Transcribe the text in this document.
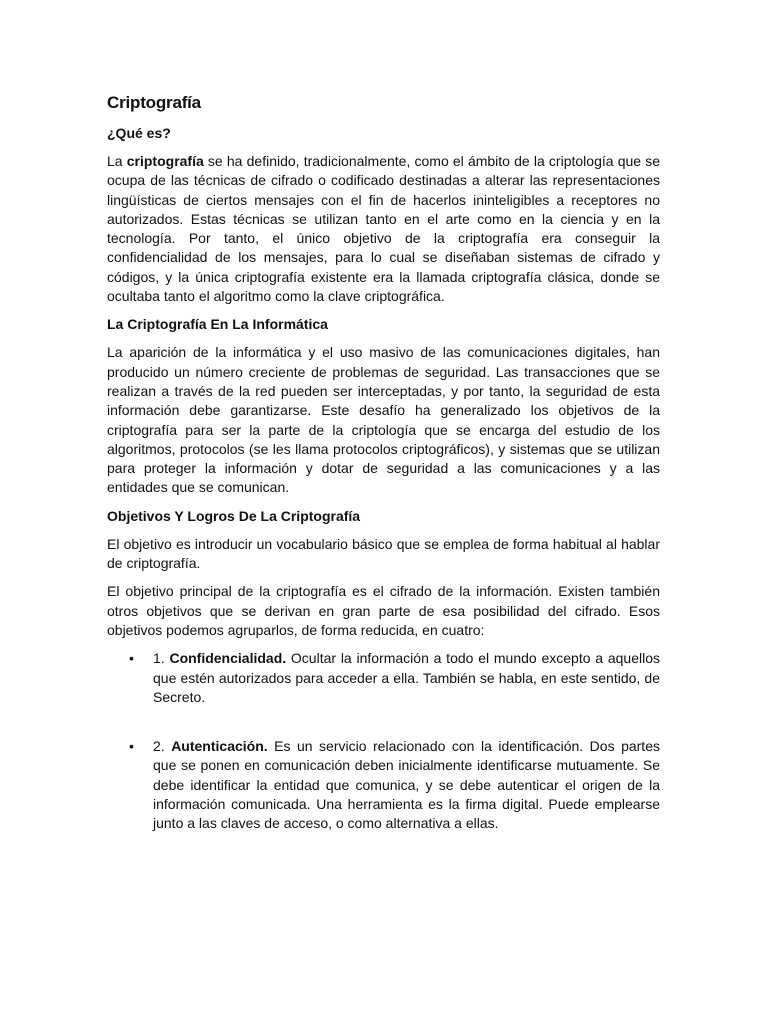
Criptografía
¿Qué es?

La criptografía se ha definido, tradicionalmente, como el ámbito de la criptología que se ocupa de las técnicas de cifrado o codificado destinadas a alterar las representaciones lingüísticas de ciertos mensajes con el fin de hacerlos ininteligibles a receptores no autorizados. Estas técnicas se utilizan tanto en el arte como en la ciencia y en la tecnología. Por tanto, el único objetivo de la criptografía era conseguir la confidencialidad de los mensajes, para lo cual se diseñaban sistemas de cifrado y códigos, y la única criptografía existente era la llamada criptografía clásica, donde se ocultaba tanto el algoritmo como la clave criptográfica.

La Criptografía En La Informática

La aparición de la informática y el uso masivo de las comunicaciones digitales, han producido un número creciente de problemas de seguridad. Las transacciones que se realizan a través de la red pueden ser interceptadas, y por tanto, la seguridad de esta información debe garantizarse. Este desafío ha generalizado los objetivos de la criptografía para ser la parte de la criptología que se encarga del estudio de los algoritmos, protocolos (se les llama protocolos criptográficos), y sistemas que se utilizan para proteger la información y dotar de seguridad a las comunicaciones y a las entidades que se comunican.

Objetivos Y Logros De La Criptografía

El objetivo es introducir un vocabulario básico que se emplea de forma habitual al hablar de criptografía.

El objetivo principal de la criptografía es el cifrado de la información. Existen también otros objetivos que se derivan en gran parte de esa posibilidad del cifrado. Esos objetivos podemos agruparlos, de forma reducida, en cuatro:

• 1. Confidencialidad. Ocultar la información a todo el mundo excepto a aquellos que estén autorizados para acceder a ella. También se habla, en este sentido, de Secreto.
• 2. Autenticación. Es un servicio relacionado con la identificación. Dos partes que se ponen en comunicación deben inicialmente identificarse mutuamente. Se debe identificar la entidad que comunica, y se debe autenticar el origen de la información comunicada. Una herramienta es la firma digital. Puede emplearse junto a las claves de acceso, o como alternativa a ellas.
